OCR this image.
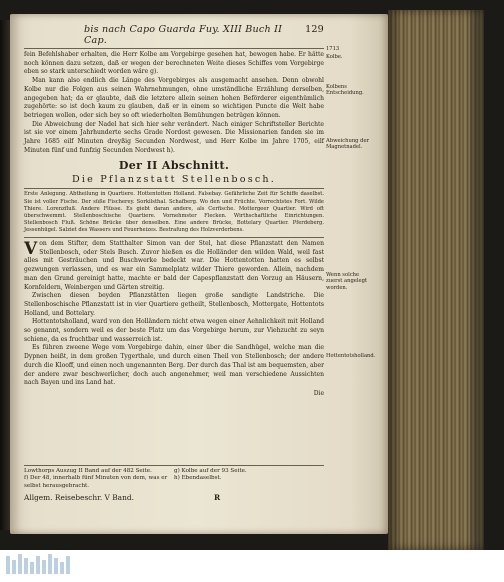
bis nach Capo Guarda Fuy. XIII Buch II Cap.
129

fein Befehlshaber erhalten, die Herr Kolbe am Vorgebirge gesehen hat, bewogen habe. Er hätte noch können dazu setzen, daß er wegen der berechneten Weite dieses Schiffes vom Vorgebirge eben so stark unterschiedt worden wäre g).

Man kann also endlich die Länge des Vorgebirges als ausgemacht ansehen. Denn obwohl Kolbe nur die Folgen aus seinen Wahrnehmungen, ohne umständliche Erzählung derselben, angegeben hat; da er glaubte, daß die letztere allein seinen hohen Beförderer eigenthümlich zugehörte: so ist doch kaum zu glauben, daß er in einem so wichtigen Puncte die Welt habe betriegen wollen, oder sich bey so oft wiederholten Bemühungen betrügen können.

Die Abweichung der Nadel hat sich hier sehr verändert. Nach einiger Schriftsteller Berichte ist sie vor einem Jahrhunderte sechs Grade Nordost gewesen. Die Missionarien fanden sie im Jahre 1685 eilf Minuten dreyßig Secunden Nordwest, und Herr Kolbe im Jahre 1705, eilf Minuten fünf und funfzig Secunden Nordwest h).

Der II Abschnitt.
Die Pflanzstatt Stellenbosch.

Erste Anlegung. Abtheilung in Quartiere. Hottentotten Holland. Falsebay. Gefährliche Zeit für Schiffe daselbst. Sie ist voller Fische. Der süße Fischerey. Sorkilsthal. Schafberg. Wo den und Früchte. Vorrechtstes Fort. Wilde Thiere. Lorenzfluß. Andere Flüsse. Es giebt daran andere, als Cerfische. Mottergeer Quartier. Wird oft überschwemmt. Stellenboschische Quartiere. Vornehmster Flecken. Wirthschaftliche Einrichtungen. Stellenbosch Fluß. Schöne Brücke über denselben. Eine andere Brücke, Bottelary Quartier. Pferdeberg. Jessenhügel. Salziet des Wassers und Feuerheizes. Bestrafung des Holzverderbens.

Von dem Stifter, dem Statthalter Simon van der Stel, hat diese Pflanzstatt den Namen Stellenbosch, oder Stels Busch. Zuvor hießen es die Holländer den wilden Wald, weil fast alles mit Gesträuchen und Buschwerke bedeckt war. Die Hottentotten hatten es selbst gezwungen verlassen, und es war ein Sammelplatz wilder Thiere geworden. Allein, nachdem man den Grund gereinigt hatte, machte er bald der Capespflanzstatt den Vorzug an Häusern, Kornfeldern, Weinbergen und Gärten streitig.

Zwischen diesen beyden Pflanzstätten liegen große sandigte Landstriche. Die Stellenboschische Pflanzstatt ist in vier Quartiere getheilt, Stellenbosch, Mottergate, Hottentots Holland, und Bottelary.

Hottentotsholland, ward von den Holländern nicht etwa wegen einer Aehnlichkeit mit Holland so genannt, sondern weil es der beste Platz um das Vorgebirge herum, zur Viehzucht zu seyn schiene, da es fruchtbar und wasserreich ist.

Es führen zweene Wege vom Vorgebirge dahin, einer über die Sandhügel, welche man die Dypnen heißt, in dem großen Tygerthale, und durch einen Theil von Stellenbosch; der andere durch die Klooff, und einen noch ungenannten Berg. Der durch das Thal ist am bequemsten, aber der andere zwar beschwerlicher, doch auch angenehmer, weil man verschiedene Aussichten nach Bayen und ins Land hat.

Die
1713
Kolbe.
Kolbens Entscheidung.
Abweichung der Magnetnadel.
Wenn solche zuerst angelegt worden.
Hottentotsholland.
Lowthorps Auszug II Band auf der 482 Seite.	g) Kolbe auf der 93 Seite.
f) Der 48, innerhalb fünf Minuten von dem, was er selbst herausgebracht.
h) Ebendaselbst.
Allgem. Reisebeschr. V Band.	R
